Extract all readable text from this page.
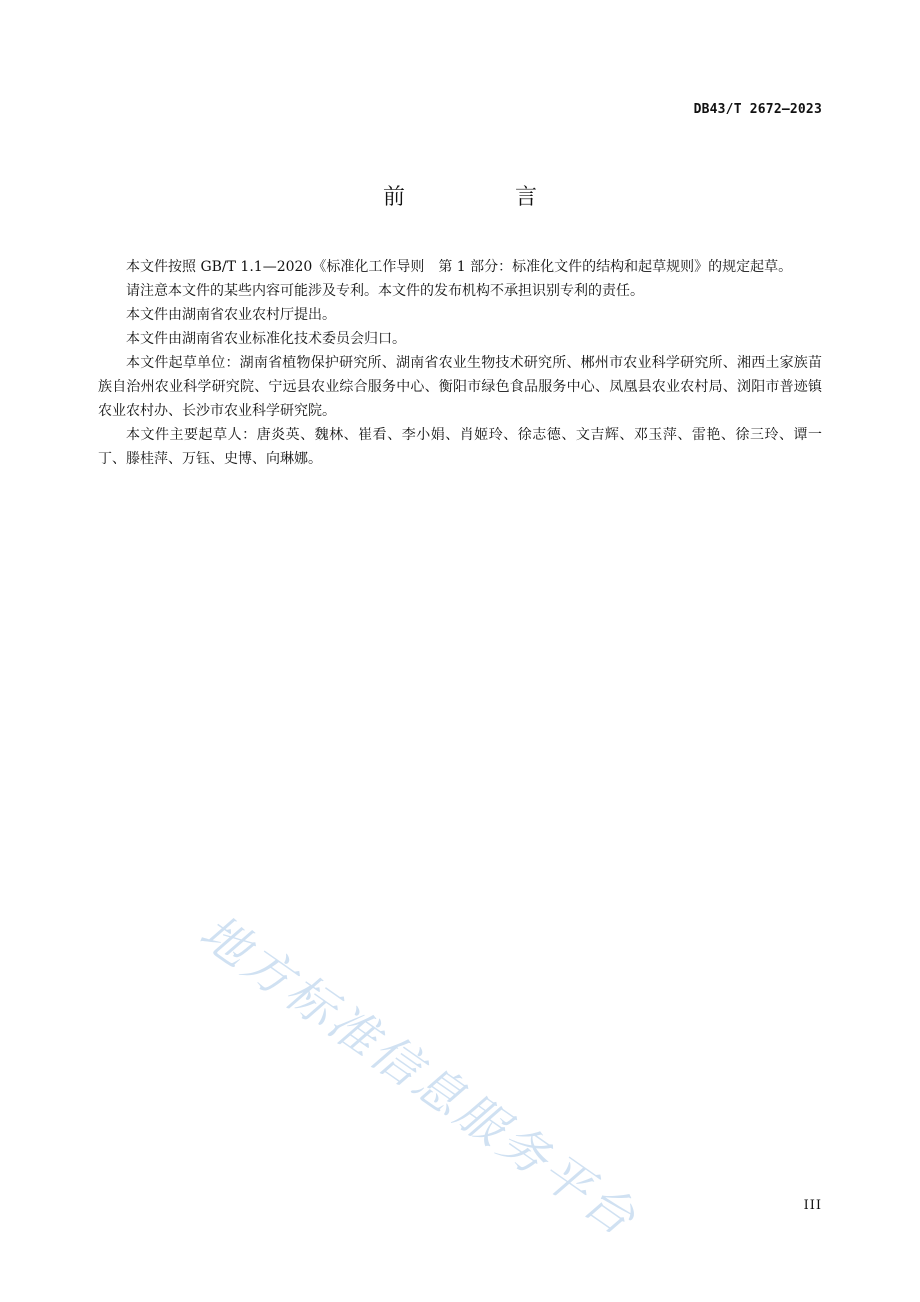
DB43/T 2672—2023
前　言

本文件按照 GB/T 1.1—2020《标准化工作导则　第 1 部分：标准化文件的结构和起草规则》的规定起草。

请注意本文件的某些内容可能涉及专利。本文件的发布机构不承担识别专利的责任。

本文件由湖南省农业农村厅提出。

本文件由湖南省农业标准化技术委员会归口。

本文件起草单位：湖南省植物保护研究所、湖南省农业生物技术研究所、郴州市农业科学研究所、湘西土家族苗族自治州农业科学研究院、宁远县农业综合服务中心、衡阳市绿色食品服务中心、凤凰县农业农村局、浏阳市普迹镇农业农村办、长沙市农业科学研究院。

本文件主要起草人：唐炎英、魏林、崔看、李小娟、肖姬玲、徐志德、文吉辉、邓玉萍、雷艳、徐三玲、谭一丁、滕桂萍、万钰、史博、向琳娜。

地方标准信息服务平台	III
